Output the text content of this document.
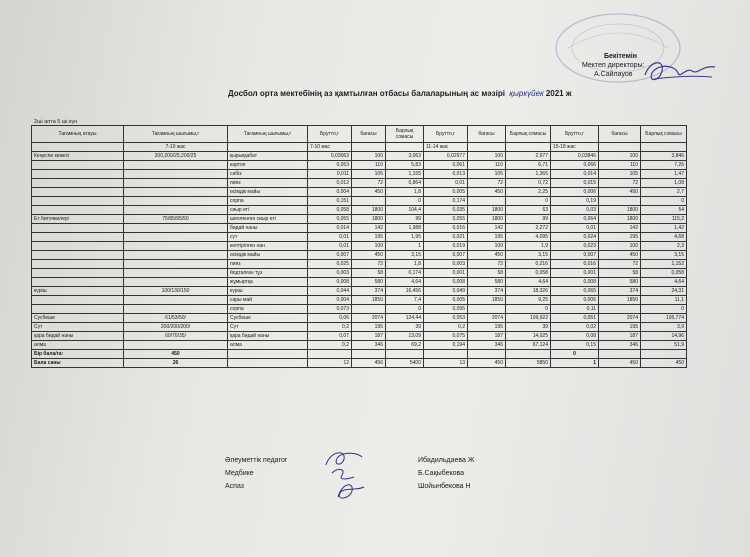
Бекітемін
Мектеп директоры:
А.Сайлауов
Досбол орта мектебінің аз қамтылған отбасы балаларының ас мәзірі қыркүйек 2021 ж
2ші апта 5 ші күн
Тағамның атауы	Тағамның шығымы,г	Тағамның шығымы,г	Брутто,г	бағасы	Барлық сомасы	Брутто,г	бағасы	Барлық сомасы	Брутто,г	бағасы	Барлық сомасы
	7-10 жас		7-10 жас			11-14 жас			15-18 жас		
Кеңеспе көжесі	200,200/25,200/25	қырыққабат	0,03063	100	3,063	0,02977	100	2,977	0,03846	100	3,846
		картоп	0,053	110	5,83	0,061	110	6,71	0,066	110	7,26
		сәбіз	0,011	105	1,155	0,013	105	1,365	0,014	105	1,47
		пияз	0,012	72	0,864	0,01	72	0,72	0,015	72	1,08
		өсімдік майы	0,004	450	1,8	0,005	450	2,25	0,006	450	2,7
		сорпа	0,151		0	0,174		0	0,19		0
		сиыр еті	0,058	1800	104,4	0,035	1800	63	0,03	1800	54
Ет биточкилері	75/85/95/50	шелленген сиыр еті	0,055	1800	99	0,055	1800	99	0,064	1800	115,2
		бидай наны	0,014	142	1,988	0,016	142	2,272	0,01	142	1,42
		сүт	0,01	195	1,95	0,021	195	4,095	0,024	195	4,68
		кептірілген нан	0,01	100	1	0,019	100	1,9	0,023	100	2,3
		өсімдік майы	0,007	450	3,15	0,007	450	3,15	0,007	450	3,15
		пияз	0,025	72	1,8	0,003	72	0,216	0,016	72	1,152
		йодталған тұз	0,003	58	0,174	0,001	58	0,058	0,001	58	0,058
		жұмыртқа	0,008	580	4,64	0,008	580	4,64	0,008	580	4,64
күріш	100/130/150	күріш	0,044	374	16,456	0,049	374	18,326	0,065	374	24,31
		сары май	0,004	1850	7,4	0,005	1850	9,25	0,006	1850	11,1
		сорпа	0,073		0	0,095		0	0,11		0
Сусбеше	61/53/50/	Сусбеше	0,06	2074	124,44	0,053	2074	109,922	0,051	2074	105,774
Сүт	200/200/200/	Сүт	0,2	195	39	0,2	195	39	0,02	195	3,9
қара бидай наны	60/70/35/	қара бидай наны	0,07	187	13,09	0,075	187	14,025	0,08	187	14,96
алма		алма	0,2	346	69,2	0,194	346	67,124	0,15	346	51,9
Бір бала/га:	450								0		
Бала саны	26		12	456	5400	13	450	5850	1	450	450
Әлеуметтік педагог
Медбике
Аспаз
Ибадильдаева Ж
Б.Сақыбекова
Шойынбекова Н
